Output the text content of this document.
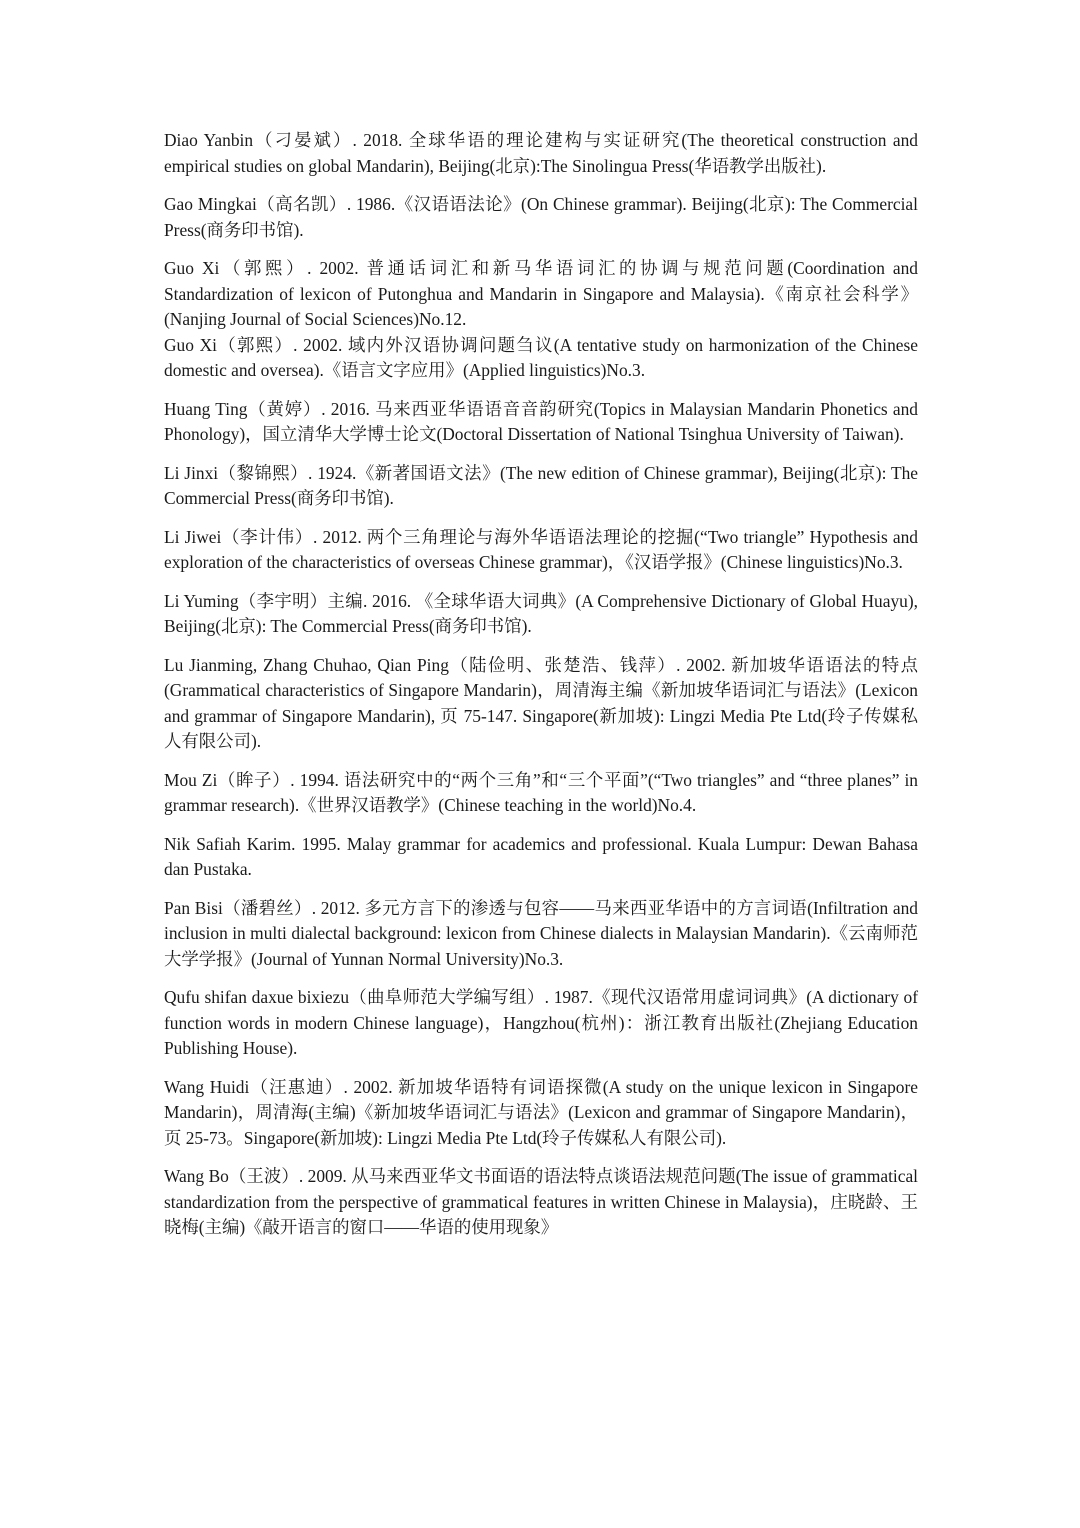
Diao Yanbin（刁晏斌）. 2018. 全球华语的理论建构与实证研究(The theoretical construction and empirical studies on global Mandarin), Beijing(北京):The Sinolingua Press(华语教学出版社).

Gao Mingkai（高名凯）. 1986.《汉语语法论》(On Chinese grammar). Beijing(北京): The Commercial Press(商务印书馆).

Guo Xi（郭熙）. 2002. 普通话词汇和新马华语词汇的协调与规范问题(Coordination and Standardization of lexicon of Putonghua and Mandarin in Singapore and Malaysia).《南京社会科学》(Nanjing Journal of Social Sciences)No.12.

Guo Xi（郭熙）. 2002. 域内外汉语协调问题刍议(A tentative study on harmonization of the Chinese domestic and oversea).《语言文字应用》(Applied linguistics)No.3.

Huang Ting（黄婷）. 2016. 马来西亚华语语音音韵研究(Topics in Malaysian Mandarin Phonetics and Phonology)，国立清华大学博士论文(Doctoral Dissertation of National Tsinghua University of Taiwan).

Li Jinxi（黎锦熙）. 1924.《新著国语文法》(The new edition of Chinese grammar), Beijing(北京): The Commercial Press(商务印书馆).

Li Jiwei（李计伟）. 2012. 两个三角理论与海外华语语法理论的挖掘(“Two triangle” Hypothesis and exploration of the characteristics of overseas Chinese grammar)，《汉语学报》(Chinese linguistics)No.3.

Li Yuming（李宇明）主编. 2016. 《全球华语大词典》(A Comprehensive Dictionary of Global Huayu), Beijing(北京): The Commercial Press(商务印书馆).

Lu Jianming, Zhang Chuhao, Qian Ping（陆俭明、张楚浩、钱萍）. 2002. 新加坡华语语法的特点(Grammatical characteristics of Singapore Mandarin)，周清海主编《新加坡华语词汇与语法》(Lexicon and grammar of Singapore Mandarin), 页 75-147. Singapore(新加坡): Lingzi Media Pte Ltd(玲子传媒私人有限公司).

Mou Zi（眸子）. 1994. 语法研究中的“两个三角”和“三个平面”(“Two triangles” and “three planes” in grammar research).《世界汉语教学》(Chinese teaching in the world)No.4.

Nik Safiah Karim. 1995. Malay grammar for academics and professional. Kuala Lumpur: Dewan Bahasa dan Pustaka.

Pan Bisi（潘碧丝）. 2012. 多元方言下的渗透与包容——马来西亚华语中的方言词语(Infiltration and inclusion in multi dialectal background: lexicon from Chinese dialects in Malaysian Mandarin).《云南师范大学学报》(Journal of Yunnan Normal University)No.3.

Qufu shifan daxue bixiezu（曲阜师范大学编写组）. 1987.《现代汉语常用虚词词典》(A dictionary of function words in modern Chinese language)，Hangzhou(杭州)：浙江教育出版社(Zhejiang Education Publishing House).

Wang Huidi（汪惠迪）. 2002. 新加坡华语特有词语探微(A study on the unique lexicon in Singapore Mandarin)，周清海(主编)《新加坡华语词汇与语法》(Lexicon and grammar of Singapore Mandarin)，页 25-73。Singapore(新加坡): Lingzi Media Pte Ltd(玲子传媒私人有限公司).

Wang Bo（王波）. 2009. 从马来西亚华文书面语的语法特点谈语法规范问题(The issue of grammatical standardization from the perspective of grammatical features in written Chinese in Malaysia)，庄晓龄、王晓梅(主编)《敲开语言的窗口——华语的使用现象》
